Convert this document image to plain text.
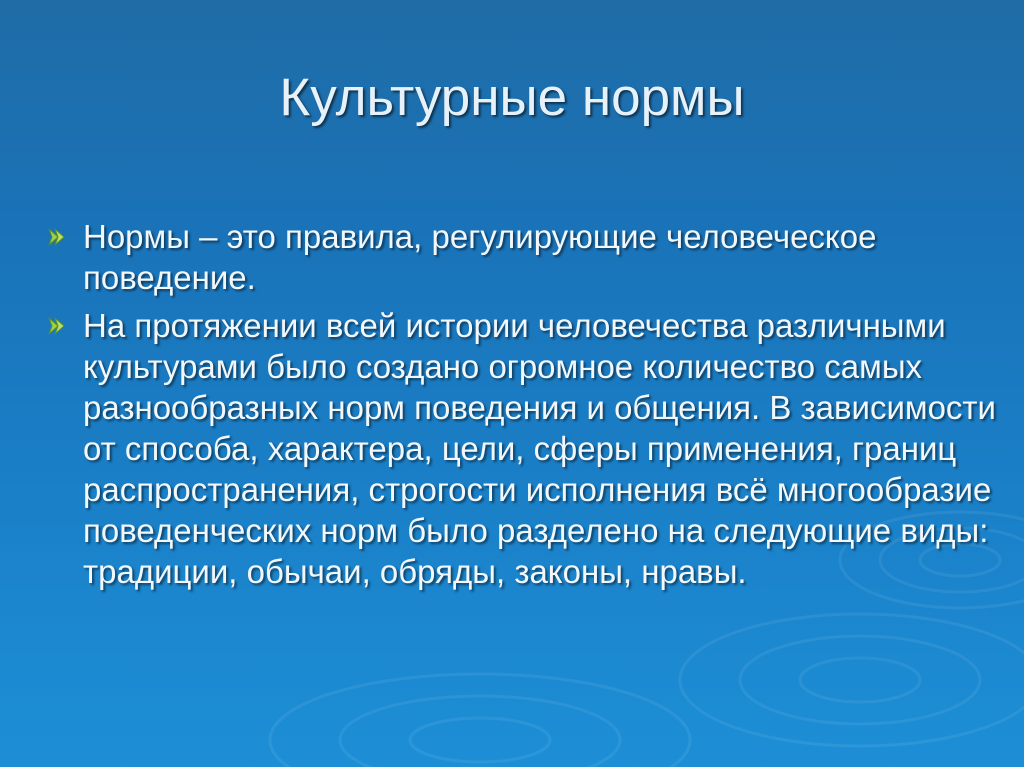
Культурные нормы
Нормы – это правила, регулирующие человеческое поведение.
На протяжении всей истории человечества различными культурами было создано огромное количество самых разнообразных норм поведения и общения. В зависимости от способа, характера, цели, сферы применения, границ распространения, строгости исполнения всё многообразие поведенческих норм было разделено на следующие виды: традиции, обычаи, обряды, законы, нравы.
